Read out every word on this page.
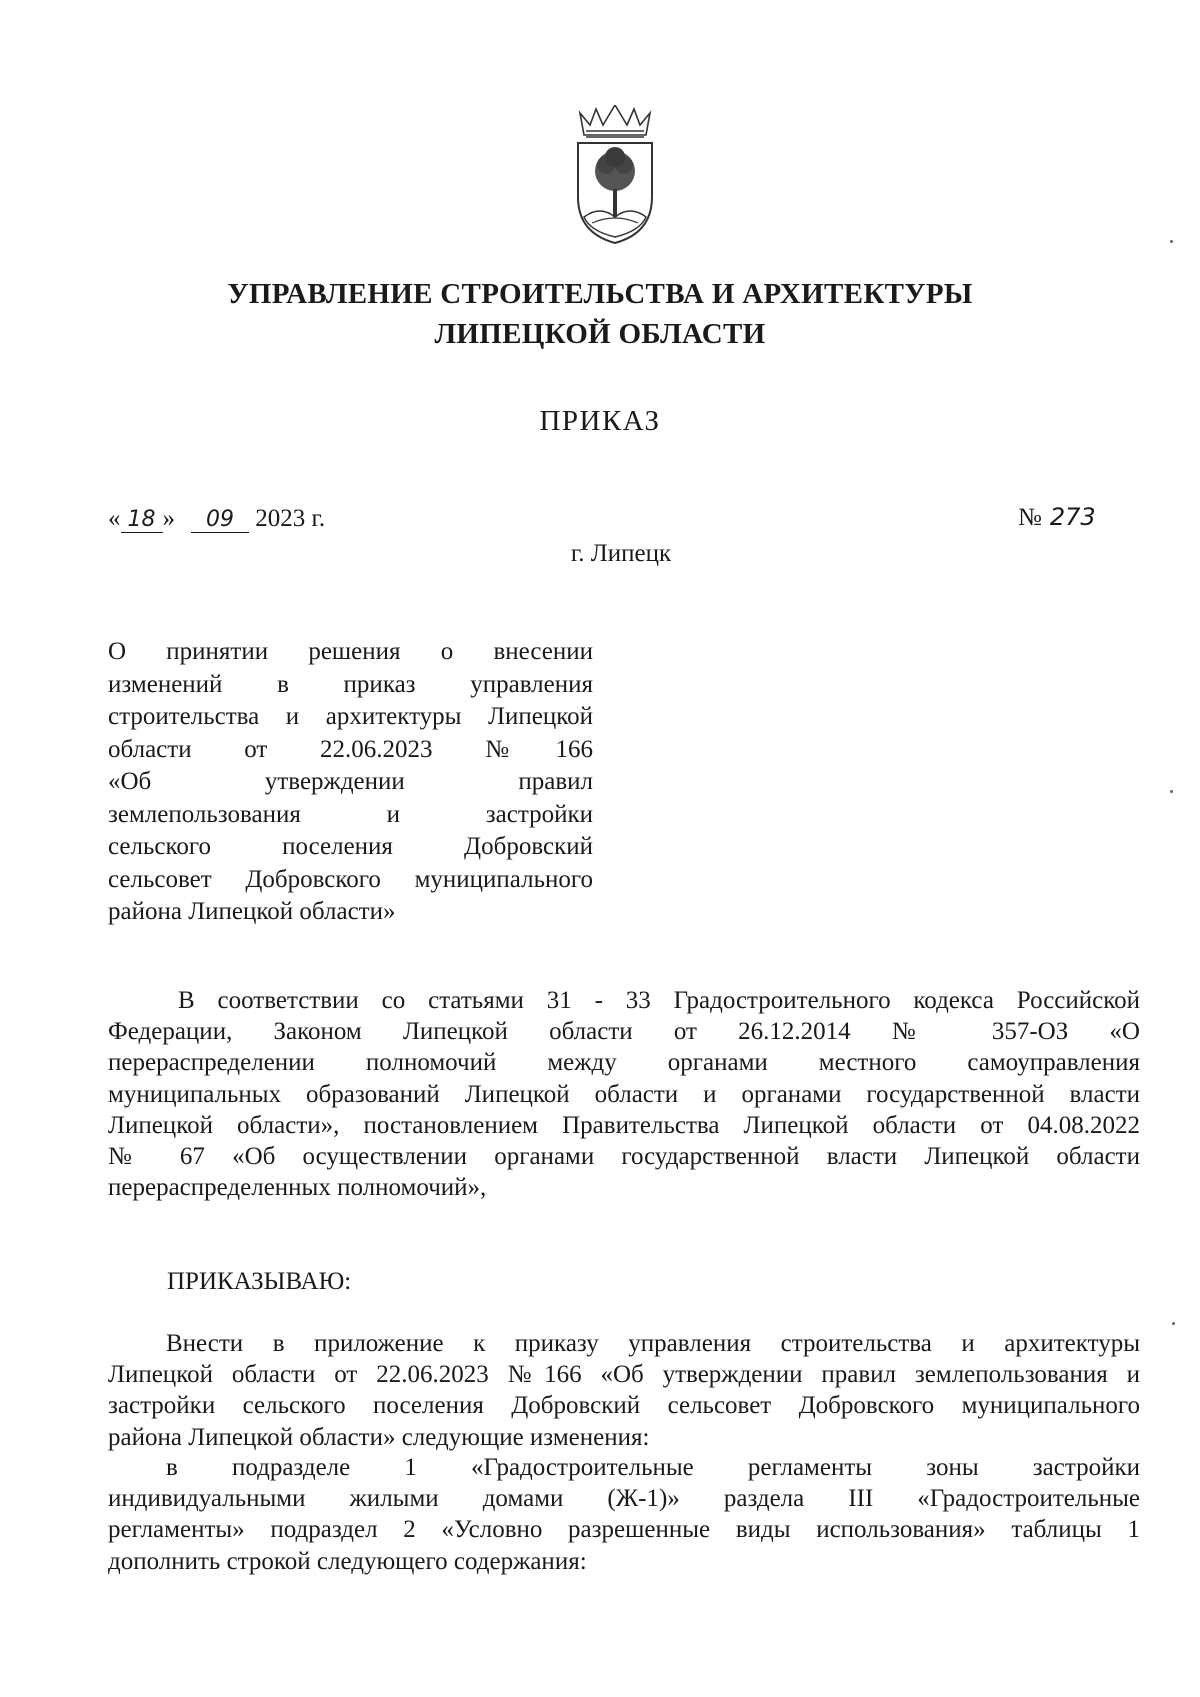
УПРАВЛЕНИЕ СТРОИТЕЛЬСТВА И АРХИТЕКТУРЫ
ЛИПЕЦКОЙ ОБЛАСТИ
ПРИКАЗ
« 18 » 09 2023 г.	№ 273
г. Липецк
О принятии решения о внесении
изменений в приказ управления
строительства и архитектуры Липецкой
области от 22.06.2023 №166
«Об утверждении правил
землепользования и застройки
сельского поселения Добровский
сельсовет Добровского муниципального
района Липецкой области»
В соответствии со статьями 31 - 33 Градостроительного кодекса Российской
Федерации, Законом Липецкой области от 26.12.2014 № 357-ОЗ «О
перераспределении полномочий между органами местного самоуправления
муниципальных образований Липецкой области и органами государственной власти
Липецкой области», постановлением Правительства Липецкой области от 04.08.2022
№ 67 «Об осуществлении органами государственной власти Липецкой области
перераспределенных полномочий»,
ПРИКАЗЫВАЮ:
Внести в приложение к приказу управления строительства и архитектуры
Липецкой области от 22.06.2023 №166 «Об утверждении правил землепользования и
застройки сельского поселения Добровский сельсовет Добровского муниципального
района Липецкой области» следующие изменения:
в подразделе 1 «Градостроительные регламенты зоны застройки
индивидуальными жилыми домами (Ж-1)» раздела III «Градостроительные
регламенты» подраздел 2 «Условно разрешенные виды использования» таблицы 1
дополнить строкой следующего содержания:
